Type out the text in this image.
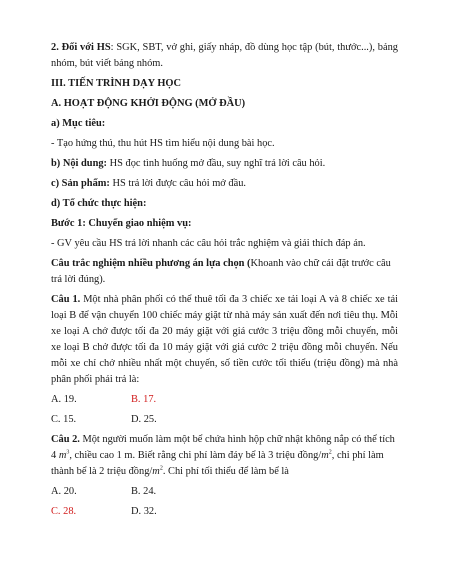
2. Đối với HS: SGK, SBT, vở ghi, giấy nháp, đồ dùng học tập (bút, thước...), bảng nhóm, bút viết bảng nhóm.

III. TIẾN TRÌNH DẠY HỌC

A. HOẠT ĐỘNG KHỞI ĐỘNG (MỞ ĐẦU)

a) Mục tiêu:

- Tạo hứng thú, thu hút HS tìm hiểu nội dung bài học.

b) Nội dung: HS đọc tình huống mở đầu, suy nghĩ trả lời câu hỏi.

c) Sản phẩm: HS trả lời được câu hỏi mở đầu.

d) Tổ chức thực hiện:

Bước 1: Chuyển giao nhiệm vụ:

- GV yêu cầu HS trả lời nhanh các câu hỏi trắc nghiệm và giải thích đáp án.

Câu trắc nghiệm nhiều phương án lựa chọn (Khoanh vào chữ cái đặt trước câu trả lời đúng).

Câu 1. Một nhà phân phối có thể thuê tối đa 3 chiếc xe tải loại A và 8 chiếc xe tải loại B để vận chuyển 100 chiếc máy giặt từ nhà máy sản xuất đến nơi tiêu thụ. Mỗi xe loại A chở được tối đa 20 máy giặt với giá cước 3 triệu đồng mỗi chuyến, mỗi xe loại B chở được tối đa 10 máy giặt với giá cước 2 triệu đồng mỗi chuyến. Nếu mỗi xe chỉ chở nhiều nhất một chuyến, số tiền cước tối thiểu (triệu đồng) mà nhà phân phối phải trả là:

A. 19.	B. 17.
C. 15.	D. 25.

Câu 2. Một người muốn làm một bể chứa hình hộp chữ nhật không nắp có thể tích 4 $m^3$, chiều cao 1 m. Biết rằng chi phí làm đáy bể là 3 triệu đồng/$m^2$, chi phí làm thành bể là 2 triệu đồng/$m^2$. Chi phí tối thiểu để làm bể là

A. 20.	B. 24.
C. 28.	D. 32.
